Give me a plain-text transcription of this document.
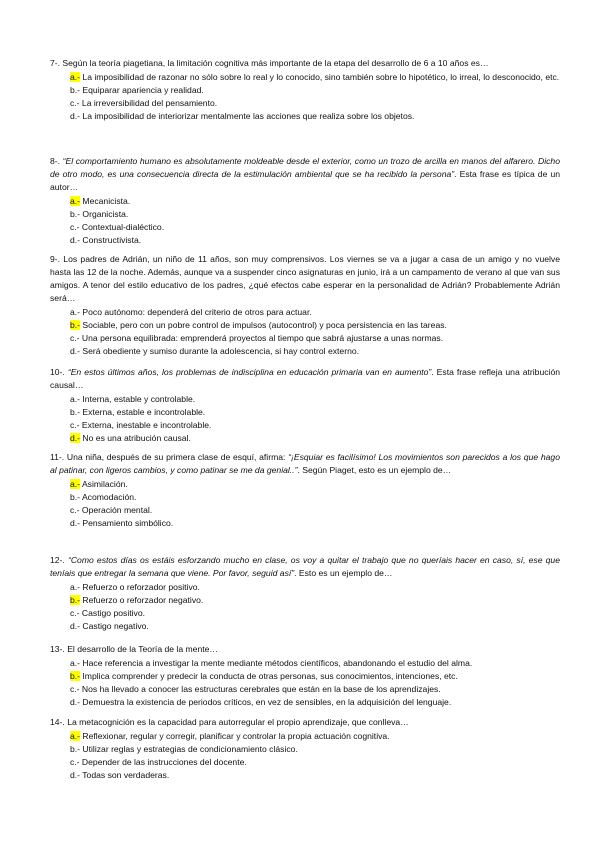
7-. Según la teoría piagetiana, la limitación cognitiva más importante de la etapa del desarrollo de 6 a 10 años es…

a.- La imposibilidad de razonar no sólo sobre lo real y lo conocido, sino también sobre lo hipotético, lo irreal, lo desconocido, etc.
b.- Equiparar apariencia y realidad.
c.- La irreversibilidad del pensamiento.
d.- La imposibilidad de interiorizar mentalmente las acciones que realiza sobre los objetos.

8-. “El comportamiento humano es absolutamente moldeable desde el exterior, como un trozo de arcilla en manos del alfarero. Dicho de otro modo, es una consecuencia directa de la estimulación ambiental que se ha recibido la persona”. Esta frase es típica de un autor…

a.- Mecanicista.
b.- Organicista.
c.- Contextual-dialéctico.
d.- Constructivista.

9-. Los padres de Adrián, un niño de 11 años, son muy comprensivos. Los viernes se va a jugar a casa de un amigo y no vuelve hasta las 12 de la noche. Además, aunque va a suspender cinco asignaturas en junio, irá a un campamento de verano al que van sus amigos. A tenor del estilo educativo de los padres, ¿qué efectos cabe esperar en la personalidad de Adrián? Probablemente Adrián será…

a.- Poco autónomo: dependerá del criterio de otros para actuar.
b.- Sociable, pero con un pobre control de impulsos (autocontrol) y poca persistencia en las tareas.
c.- Una persona equilibrada: emprenderá proyectos al tiempo que sabrá ajustarse a unas normas.
d.- Será obediente y sumiso durante la adolescencia, si hay control externo.

10-. “En estos últimos años, los problemas de indisciplina en educación primaria van en aumento”. Esta frase refleja una atribución causal…

a.- Interna, estable y controlable.
b.- Externa, estable e incontrolable.
c.- Externa, inestable e incontrolable.
d.- No es una atribución causal.

11-. Una niña, después de su primera clase de esquí, afirma: “¡Esquiar es facilísimo! Los movimientos son parecidos a los que hago al patinar, con ligeros cambios, y como patinar se me da genial..”. Según Piaget, esto es un ejemplo de…

a.- Asimilación.
b.- Acomodación.
c.- Operación mental.
d.- Pensamiento simbólico.

12-. “Como estos días os estáis esforzando mucho en clase, os voy a quitar el trabajo que no queríais hacer en caso, sí, ese que teníais que entregar la semana que viene. Por favor, seguid así”. Esto es un ejemplo de…

a.- Refuerzo o reforzador positivo.
b.- Refuerzo o reforzador negativo.
c.- Castigo positivo.
d.- Castigo negativo.

13-. El desarrollo de la Teoría de la mente…

a.- Hace referencia a investigar la mente mediante métodos científicos, abandonando el estudio del alma.
b.- Implica comprender y predecir la conducta de otras personas, sus conocimientos, intenciones, etc.
c.- Nos ha llevado a conocer las estructuras cerebrales que están en la base de los aprendizajes.
d.- Demuestra la existencia de periodos críticos, en vez de sensibles, en la adquisición del lenguaje.

14-. La metacognición es la capacidad para autorregular el propio aprendizaje, que conlleva…

a.- Reflexionar, regular y corregir, planificar y controlar la propia actuación cognitiva.
b.- Utilizar reglas y estrategias de condicionamiento clásico.
c.- Depender de las instrucciones del docente.
d.- Todas son verdaderas.
